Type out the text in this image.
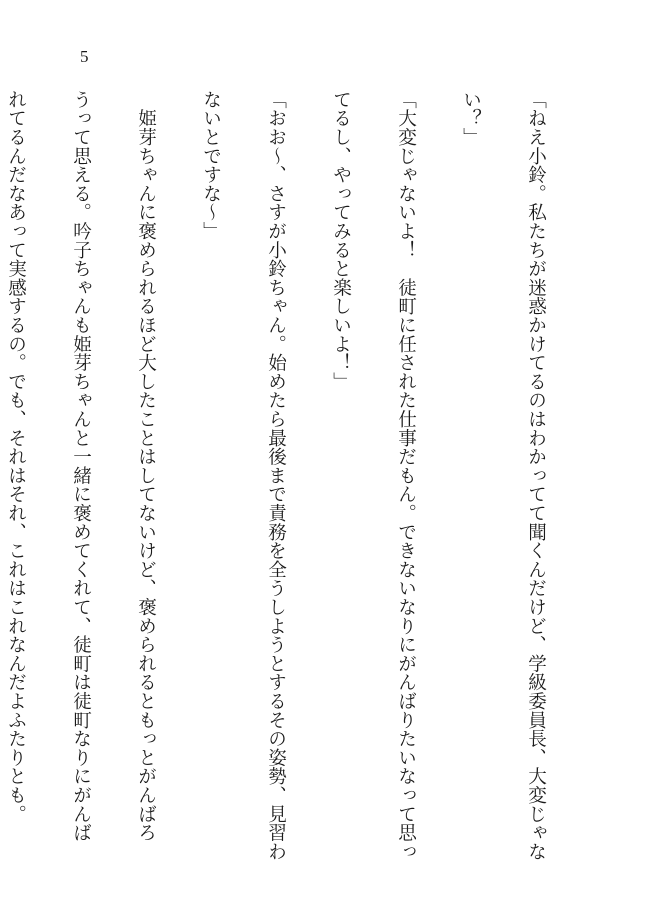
5

「ねえ小鈴。私たちが迷惑かけてるのはわかってて聞くんだけど、学級委員長、大変じゃな

い？」

「大変じゃないよ！　徒町に任された仕事だもん。できないなりにがんばりたいなって思っ

てるし、やってみると楽しいよ！」

「おお〜、さすが小鈴ちゃん。始めたら最後まで責務を全うしようとするその姿勢、見習わ

ないとですな〜」

　姫芽ちゃんに褒められるほど大したことはしてないけど、褒められるともっとがんばろ

うって思える。吟子ちゃんも姫芽ちゃんと一緒に褒めてくれて、徒町は徒町なりにがんば

れてるんだなあって実感するの。でも、それはそれ、これはこれなんだよふたりとも。
